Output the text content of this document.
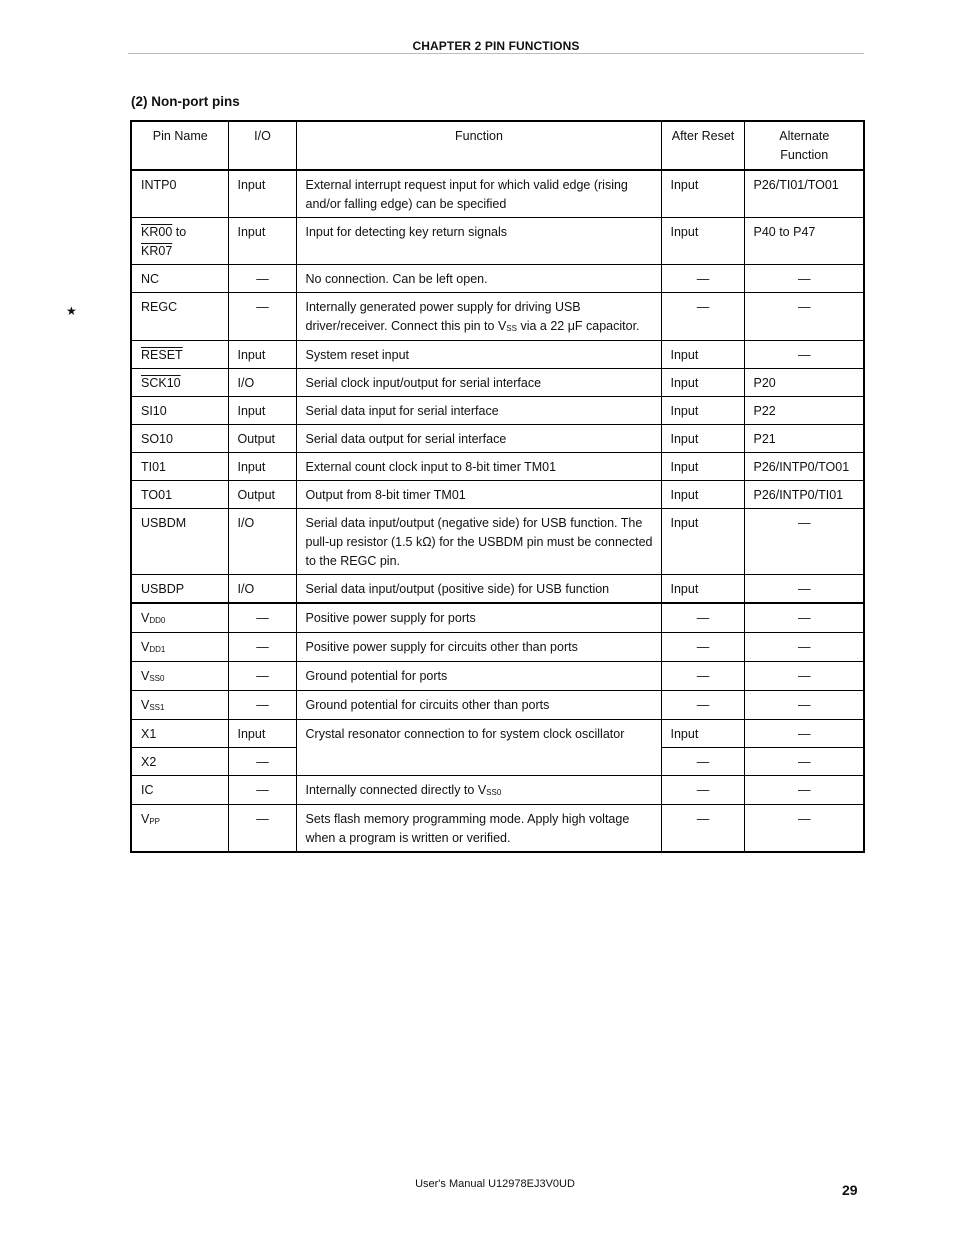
CHAPTER 2 PIN FUNCTIONS
(2) Non-port pins
★
Pin Name	I/O	Function	After Reset	Alternate
Function
INTP0	Input	External interrupt request input for which valid edge (rising and/or falling edge) can be specified	Input	P26/TI01/TO01
KR00 to
KR07	Input	Input for detecting key return signals	Input	P40 to P47
NC	—	No connection. Can be left open.	—	—
REGC	—	Internally generated power supply for driving USB driver/receiver. Connect this pin to $V_{SS}$ via a 22 μF capacitor.	—	—
RESET	Input	System reset input	Input	—
SCK10	I/O	Serial clock input/output for serial interface	Input	P20
SI10	Input	Serial data input for serial interface	Input	P22
SO10	Output	Serial data output for serial interface	Input	P21
TI01	Input	External count clock input to 8-bit timer TM01	Input	P26/INTP0/TO01
TO01	Output	Output from 8-bit timer TM01	Input	P26/INTP0/TI01
USBDM	I/O	Serial data input/output (negative side) for USB function. The pull-up resistor (1.5 kΩ) for the USBDM pin must be connected to the REGC pin.	Input	—
USBDP	I/O	Serial data input/output (positive side) for USB function	Input	—
$V_{DD0}$	—	Positive power supply for ports	—	—
$V_{DD1}$	—	Positive power supply for circuits other than ports	—	—
$V_{SS0}$	—	Ground potential for ports	—	—
$V_{SS1}$	—	Ground potential for circuits other than ports	—	—
X1	Input	Crystal resonator connection to for system clock oscillator	Input	—
X2	—		—	—
IC	—	Internally connected directly to $V_{SS0}$	—	—
$V_{PP}$	—	Sets flash memory programming mode. Apply high voltage when a program is written or verified.	—	—
User's Manual U12978EJ3V0UD	29
